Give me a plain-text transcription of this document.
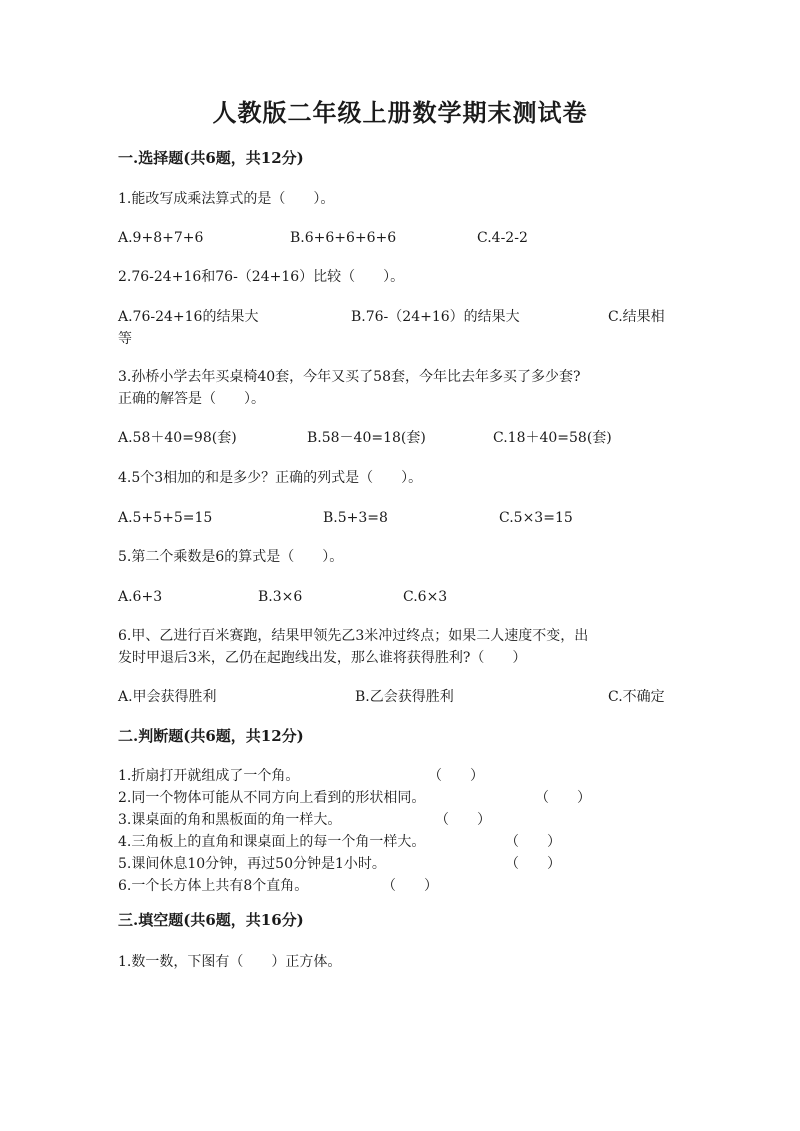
人教版二年级上册数学期末测试卷
一.选择题(共6题，共12分)
1.能改写成乘法算式的是（　　）。
A.9+8+7+6	B.6+6+6+6+6	C.4-2-2
2.76-24+16和76-（24+16）比较（　　）。
A.76-24+16的结果大	B.76-（24+16）的结果大	C.结果相
等
3.孙桥小学去年买桌椅40套，今年又买了58套，今年比去年多买了多少套?
正确的解答是（　　）。
A.58＋40=98(套)	B.58－40=18(套)	C.18＋40=58(套)
4.5个3相加的和是多少？正确的列式是（　　）。
A.5+5+5=15	B.5+3=8	C.5×3=15
5.第二个乘数是6的算式是（　　）。
A.6+3	B.3×6	C.6×3
6.甲、乙进行百米赛跑，结果甲领先乙3米冲过终点；如果二人速度不变，出
发时甲退后3米，乙仍在起跑线出发，那么谁将获得胜利?（　　）
A.甲会获得胜利	B.乙会获得胜利	C.不确定
二.判断题(共6题，共12分)
1.折扇打开就组成了一个角。	（　　）
2.同一个物体可能从不同方向上看到的形状相同。	（　　）
3.课桌面的角和黑板面的角一样大。	（　　）
4.三角板上的直角和课桌面上的每一个角一样大。	（　　）
5.课间休息10分钟，再过50分钟是1小时。	（　　）
6.一个长方体上共有8个直角。	（　　）
三.填空题(共6题，共16分)
1.数一数，下图有（　　）正方体。
